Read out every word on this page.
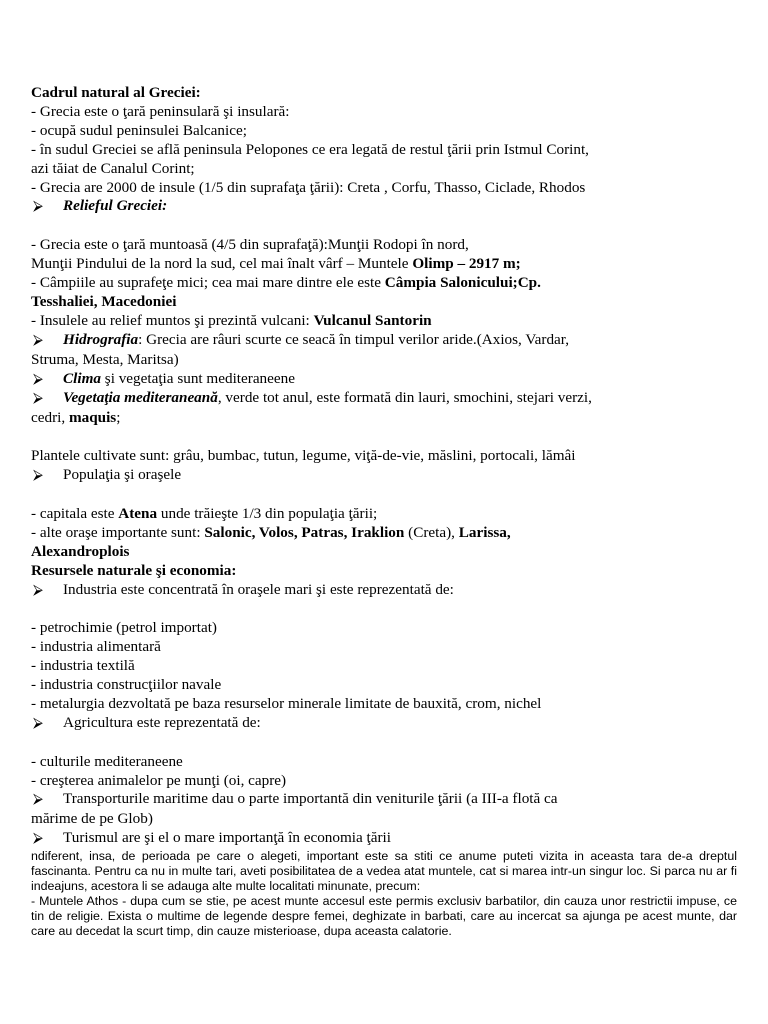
Cadrul natural al Greciei:

- Grecia este o ţară peninsulară şi insulară:

- ocupă sudul peninsulei Balcanice;

- în sudul Greciei se află peninsula Pelopones ce era legată de restul ţării prin Istmul Corint,

azi tăiat de Canalul Corint;

- Grecia are 2000 de insule (1/5 din suprafaţa ţării): Creta , Corfu, Thasso, Ciclade, Rhodos

⮚ Relieful Greciei:

- Grecia este o ţară muntoasă (4/5 din suprafaţă):Munţii Rodopi în nord,

Munţii Pindului de la nord la sud, cel mai înalt vârf – Muntele Olimp – 2917 m;

- Câmpiile au suprafeţe mici; cea mai mare dintre ele este Câmpia Salonicului;Cp.

Tesshaliei, Macedoniei

- Insulele au relief muntos şi prezintă vulcani: Vulcanul Santorin

⮚ Hidrografia: Grecia are râuri scurte ce seacă în timpul verilor aride.(Axios, Vardar,

Struma, Mesta, Maritsa)

⮚ Clima şi vegetaţia sunt mediteraneene

⮚ Vegetaţia mediteraneană, verde tot anul, este formată din lauri, smochini, stejari verzi,

cedri, maquis;

Plantele cultivate sunt: grâu, bumbac, tutun, legume, viţă-de-vie, măslini, portocali, lămâi

⮚ Populaţia şi oraşele

- capitala este Atena unde trăieşte 1/3 din populaţia ţării;

- alte oraşe importante sunt: Salonic, Volos, Patras, Iraklion (Creta), Larissa,

Alexandroplois

Resursele naturale şi economia:

⮚ Industria este concentrată în oraşele mari şi este reprezentată de:

- petrochimie (petrol importat)

- industria alimentară

- industria textilă

- industria construcţiilor navale

- metalurgia dezvoltată pe baza resurselor minerale limitate de bauxită, crom, nichel

⮚ Agricultura este reprezentată de:

- culturile mediteraneene

- creşterea animalelor pe munţi (oi, capre)

⮚ Transporturile maritime dau o parte importantă din veniturile ţării (a III-a flotă ca

mărime de pe Glob)

⮚ Turismul are şi el o mare importanţă în economia ţării

ndiferent, insa, de perioada pe care o alegeti, important este sa stiti ce anume puteti vizita in aceasta tara de-a dreptul fascinanta. Pentru ca nu in multe tari, aveti posibilitatea de a vedea atat muntele, cat si marea intr-un singur loc. Si parca nu ar fi indeajuns, acestora li se adauga alte multe localitati minunate, precum:

- Muntele Athos - dupa cum se stie, pe acest munte accesul este permis exclusiv barbatilor, din cauza unor restrictii impuse, ce tin de religie. Exista o multime de legende despre femei, deghizate in barbati, care au incercat sa ajunga pe acest munte, dar care au decedat la scurt timp, din cauze misterioase, dupa aceasta calatorie.
